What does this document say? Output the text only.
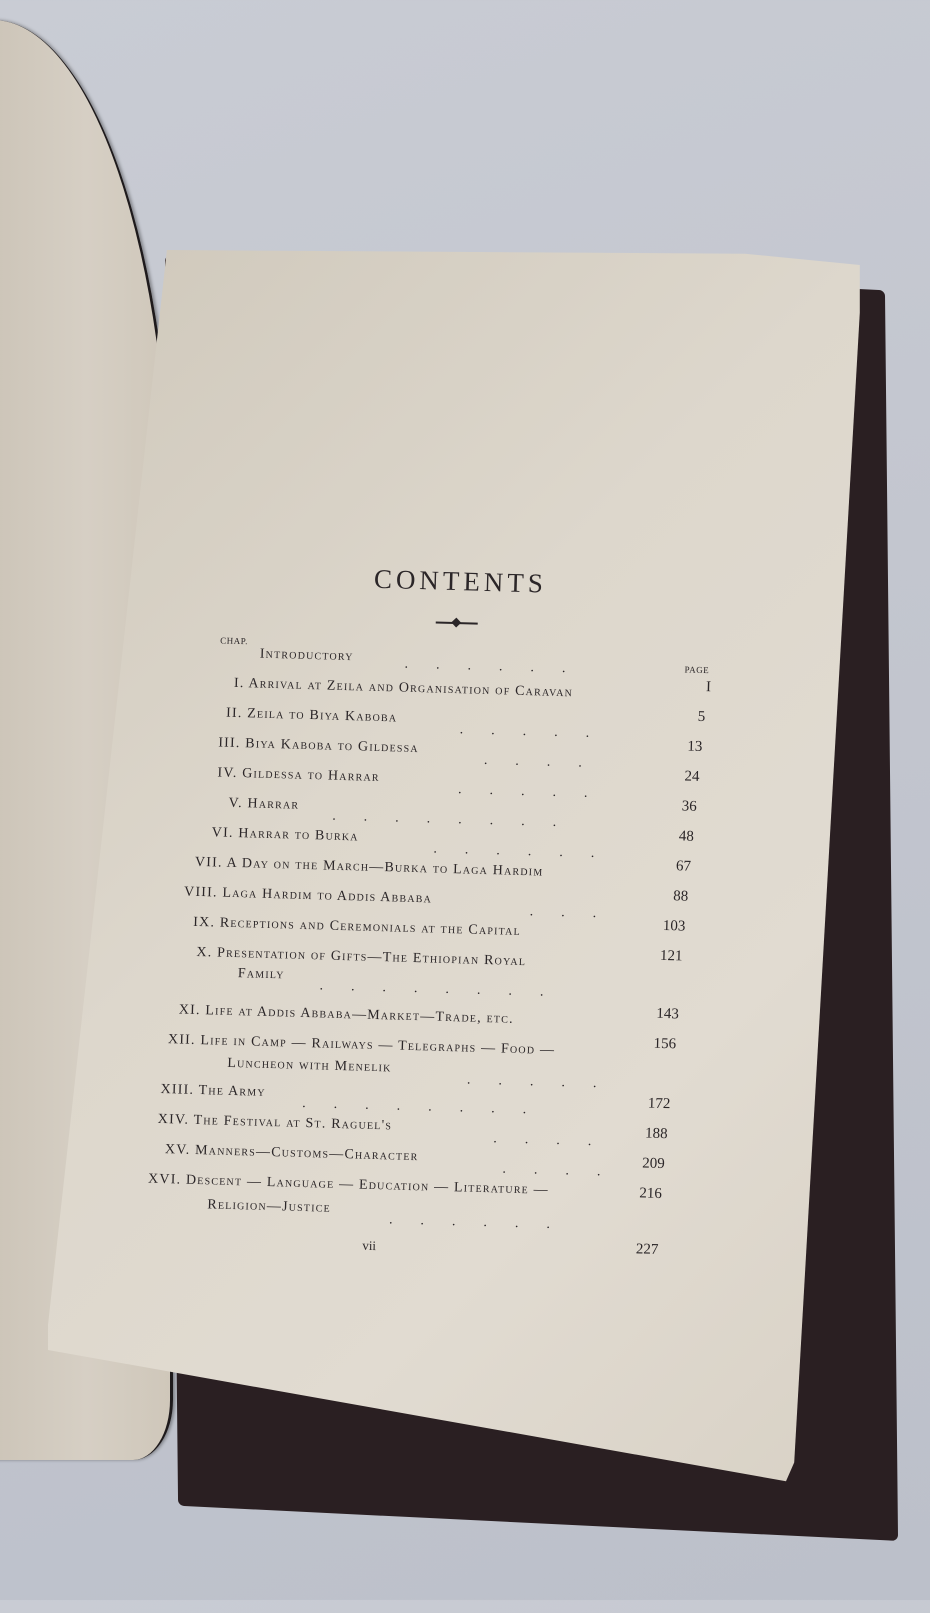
CONTENTS
CHAP.
PAGE
Introductory
......
I
I. Arrival at Zeila and Organisation of Caravan
5
II. Zeila to Biya Kaboba
.....
13
III. Biya Kaboba to Gildessa
....
24
IV. Gildessa to Harrar
.....
36
V. Harrar
........
48
VI. Harrar to Burka
......
67
VII. A Day on the March—Burka to Laga Hardim
88
VIII. Laga Hardim to Addis Abbaba
...
103
IX. Receptions and Ceremonials at the Capital
121
X. Presentation of Gifts—The Ethiopian Royal
Family
........
143
XI. Life at Addis Abbaba—Market—Trade, etc.
156
XII. Life in Camp — Railways — Telegraphs — Food —
Luncheon with Menelik
.....
172
XIII. The Army
........
188
XIV. The Festival at St. Raguel's
....
209
XV. Manners—Customs—Character
....
216
XVI. Descent — Language — Education — Literature —
Religion—Justice
......
227
vii
